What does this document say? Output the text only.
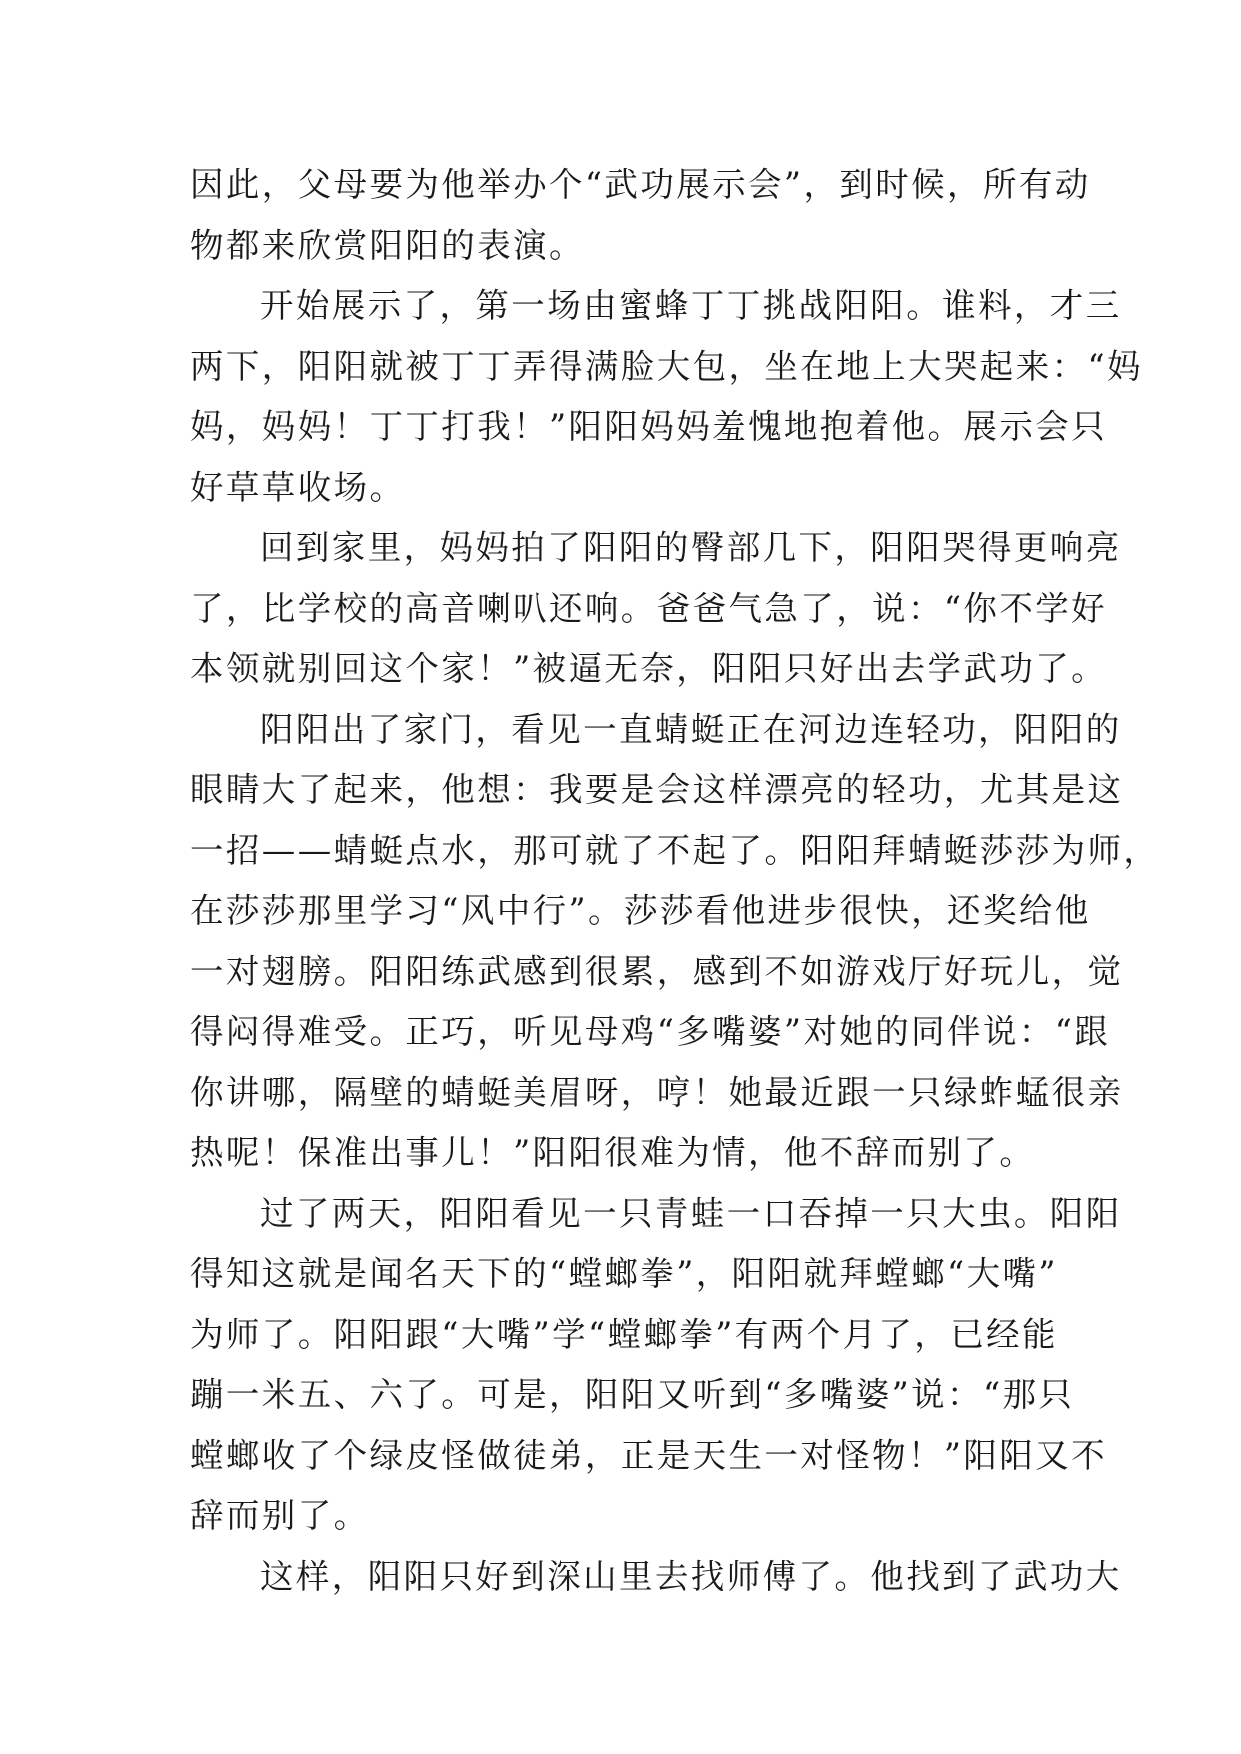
因此，父母要为他举办个“武功展示会”，到时候，所有动
物都来欣赏阳阳的表演。
开始展示了，第一场由蜜蜂丁丁挑战阳阳。谁料，才三
两下，阳阳就被丁丁弄得满脸大包，坐在地上大哭起来：“妈
妈，妈妈！丁丁打我！”阳阳妈妈羞愧地抱着他。展示会只
好草草收场。
回到家里，妈妈拍了阳阳的臀部几下，阳阳哭得更响亮
了，比学校的高音喇叭还响。爸爸气急了，说：“你不学好
本领就别回这个家！”被逼无奈，阳阳只好出去学武功了。
阳阳出了家门，看见一直蜻蜓正在河边连轻功，阳阳的
眼睛大了起来，他想：我要是会这样漂亮的轻功，尤其是这
一招——蜻蜓点水，那可就了不起了。阳阳拜蜻蜓莎莎为师，
在莎莎那里学习“风中行”。莎莎看他进步很快，还奖给他
一对翅膀。阳阳练武感到很累，感到不如游戏厅好玩儿，觉
得闷得难受。正巧，听见母鸡“多嘴婆”对她的同伴说：“跟
你讲哪，隔壁的蜻蜓美眉呀，哼！她最近跟一只绿蚱蜢很亲
热呢！保准出事儿！”阳阳很难为情，他不辞而别了。
过了两天，阳阳看见一只青蛙一口吞掉一只大虫。阳阳
得知这就是闻名天下的“螳螂拳”，阳阳就拜螳螂“大嘴”
为师了。阳阳跟“大嘴”学“螳螂拳”有两个月了，已经能
蹦一米五、六了。可是，阳阳又听到“多嘴婆”说：“那只
螳螂收了个绿皮怪做徒弟，正是天生一对怪物！”阳阳又不
辞而别了。
这样，阳阳只好到深山里去找师傅了。他找到了武功大
